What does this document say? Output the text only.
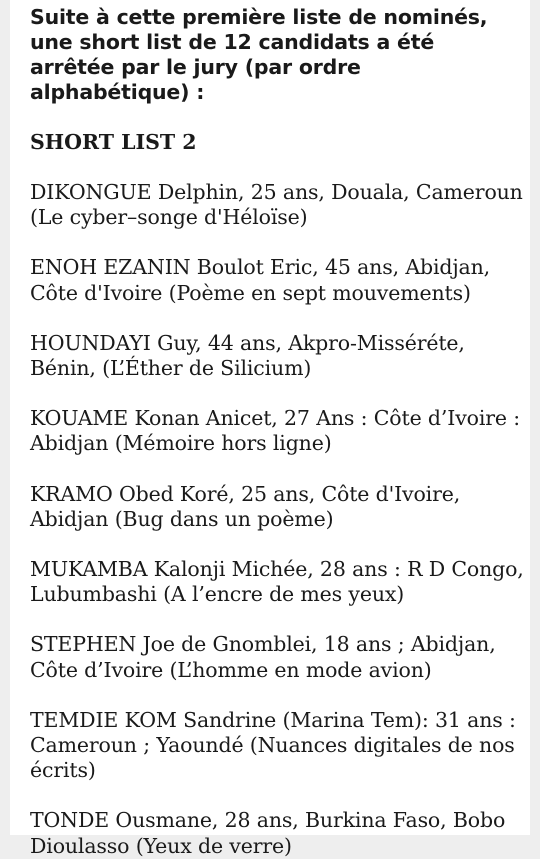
Suite à cette première liste de nominés, une short list de 12 candidats a été arrêtée par le jury (par ordre alphabétique) :

SHORT LIST 2

DIKONGUE Delphin, 25 ans, Douala, Cameroun (Le cyber–songe d'Héloïse)

ENOH EZANIN Boulot Eric, 45 ans, Abidjan, Côte d'Ivoire (Poème en sept mouvements)

HOUNDAYI Guy, 44 ans, Akpro-Misséréte, Bénin, (L’Éther de Silicium)

KOUAME Konan Anicet, 27 Ans : Côte d’Ivoire : Abidjan (Mémoire hors ligne)

KRAMO Obed Koré, 25 ans, Côte d'Ivoire, Abidjan (Bug dans un poème)

MUKAMBA Kalonji Michée, 28 ans : R D Congo, Lubumbashi (A l’encre de mes yeux)

STEPHEN Joe de Gnomblei, 18 ans ; Abidjan, Côte d’Ivoire (L’homme en mode avion)

TEMDIE KOM Sandrine (Marina Tem): 31 ans : Cameroun ; Yaoundé (Nuances digitales de nos écrits)

TONDE Ousmane, 28 ans, Burkina Faso, Bobo Dioulasso (Yeux de verre)
